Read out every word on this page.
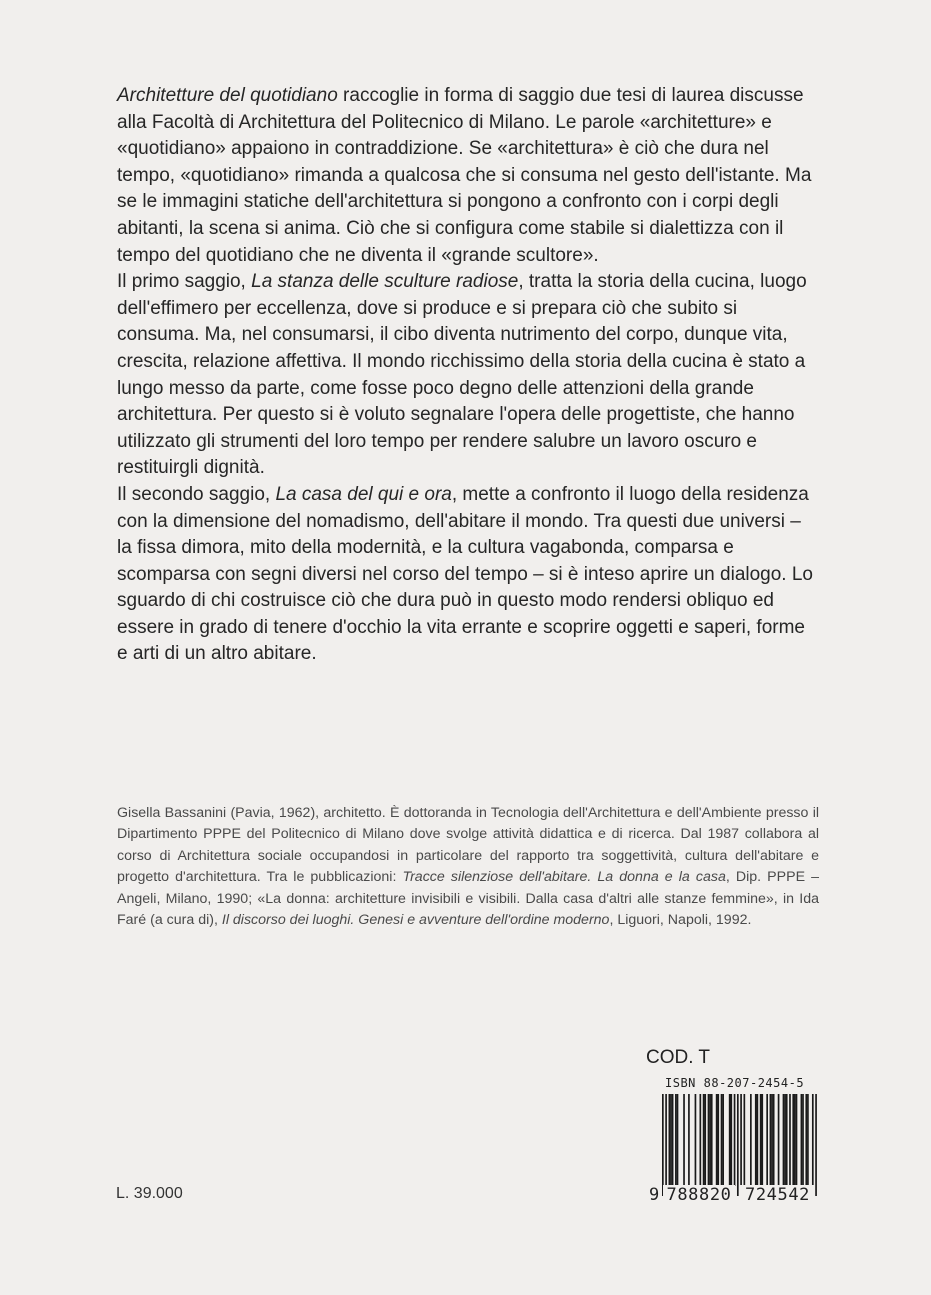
Architetture del quotidiano raccoglie in forma di saggio due tesi di laurea discusse alla Facoltà di Architettura del Politecnico di Milano. Le parole «architetture» e «quotidiano» appaiono in contraddizione. Se «architettura» è ciò che dura nel tempo, «quotidiano» rimanda a qualcosa che si consuma nel gesto dell'istante. Ma se le immagini statiche dell'architettura si pongono a confronto con i corpi degli abitanti, la scena si anima. Ciò che si configura come stabile si dialettizza con il tempo del quotidiano che ne diventa il «grande scultore».

Il primo saggio, La stanza delle sculture radiose, tratta la storia della cucina, luogo dell'effimero per eccellenza, dove si produce e si prepara ciò che subito si consuma. Ma, nel consumarsi, il cibo diventa nutrimento del corpo, dunque vita, crescita, relazione affettiva. Il mondo ricchissimo della storia della cucina è stato a lungo messo da parte, come fosse poco degno delle attenzioni della grande architettura. Per questo si è voluto segnalare l'opera delle progettiste, che hanno utilizzato gli strumenti del loro tempo per rendere salubre un lavoro oscuro e restituirgli dignità.

Il secondo saggio, La casa del qui e ora, mette a confronto il luogo della residenza con la dimensione del nomadismo, dell'abitare il mondo. Tra questi due universi – la fissa dimora, mito della modernità, e la cultura vagabonda, comparsa e scomparsa con segni diversi nel corso del tempo – si è inteso aprire un dialogo. Lo sguardo di chi costruisce ciò che dura può in questo modo rendersi obliquo ed essere in grado di tenere d'occhio la vita errante e scoprire oggetti e saperi, forme e arti di un altro abitare.

Gisella Bassanini (Pavia, 1962), architetto. È dottoranda in Tecnologia dell'Architettura e dell'Ambiente presso il Dipartimento PPPE del Politecnico di Milano dove svolge attività didattica e di ricerca. Dal 1987 collabora al corso di Architettura sociale occupandosi in particolare del rapporto tra soggettività, cultura dell'abitare e progetto d'architettura. Tra le pubblicazioni: Tracce silenziose dell'abitare. La donna e la casa, Dip. PPPE – Angeli, Milano, 1990; «La donna: architetture invisibili e visibili. Dalla casa d'altri alle stanze femmine», in Ida Faré (a cura di), Il discorso dei luoghi. Genesi e avventure dell'ordine moderno, Liguori, Napoli, 1992.

L. 39.000
COD. T
ISBN 88-207-2454-5
9 788820 724542
